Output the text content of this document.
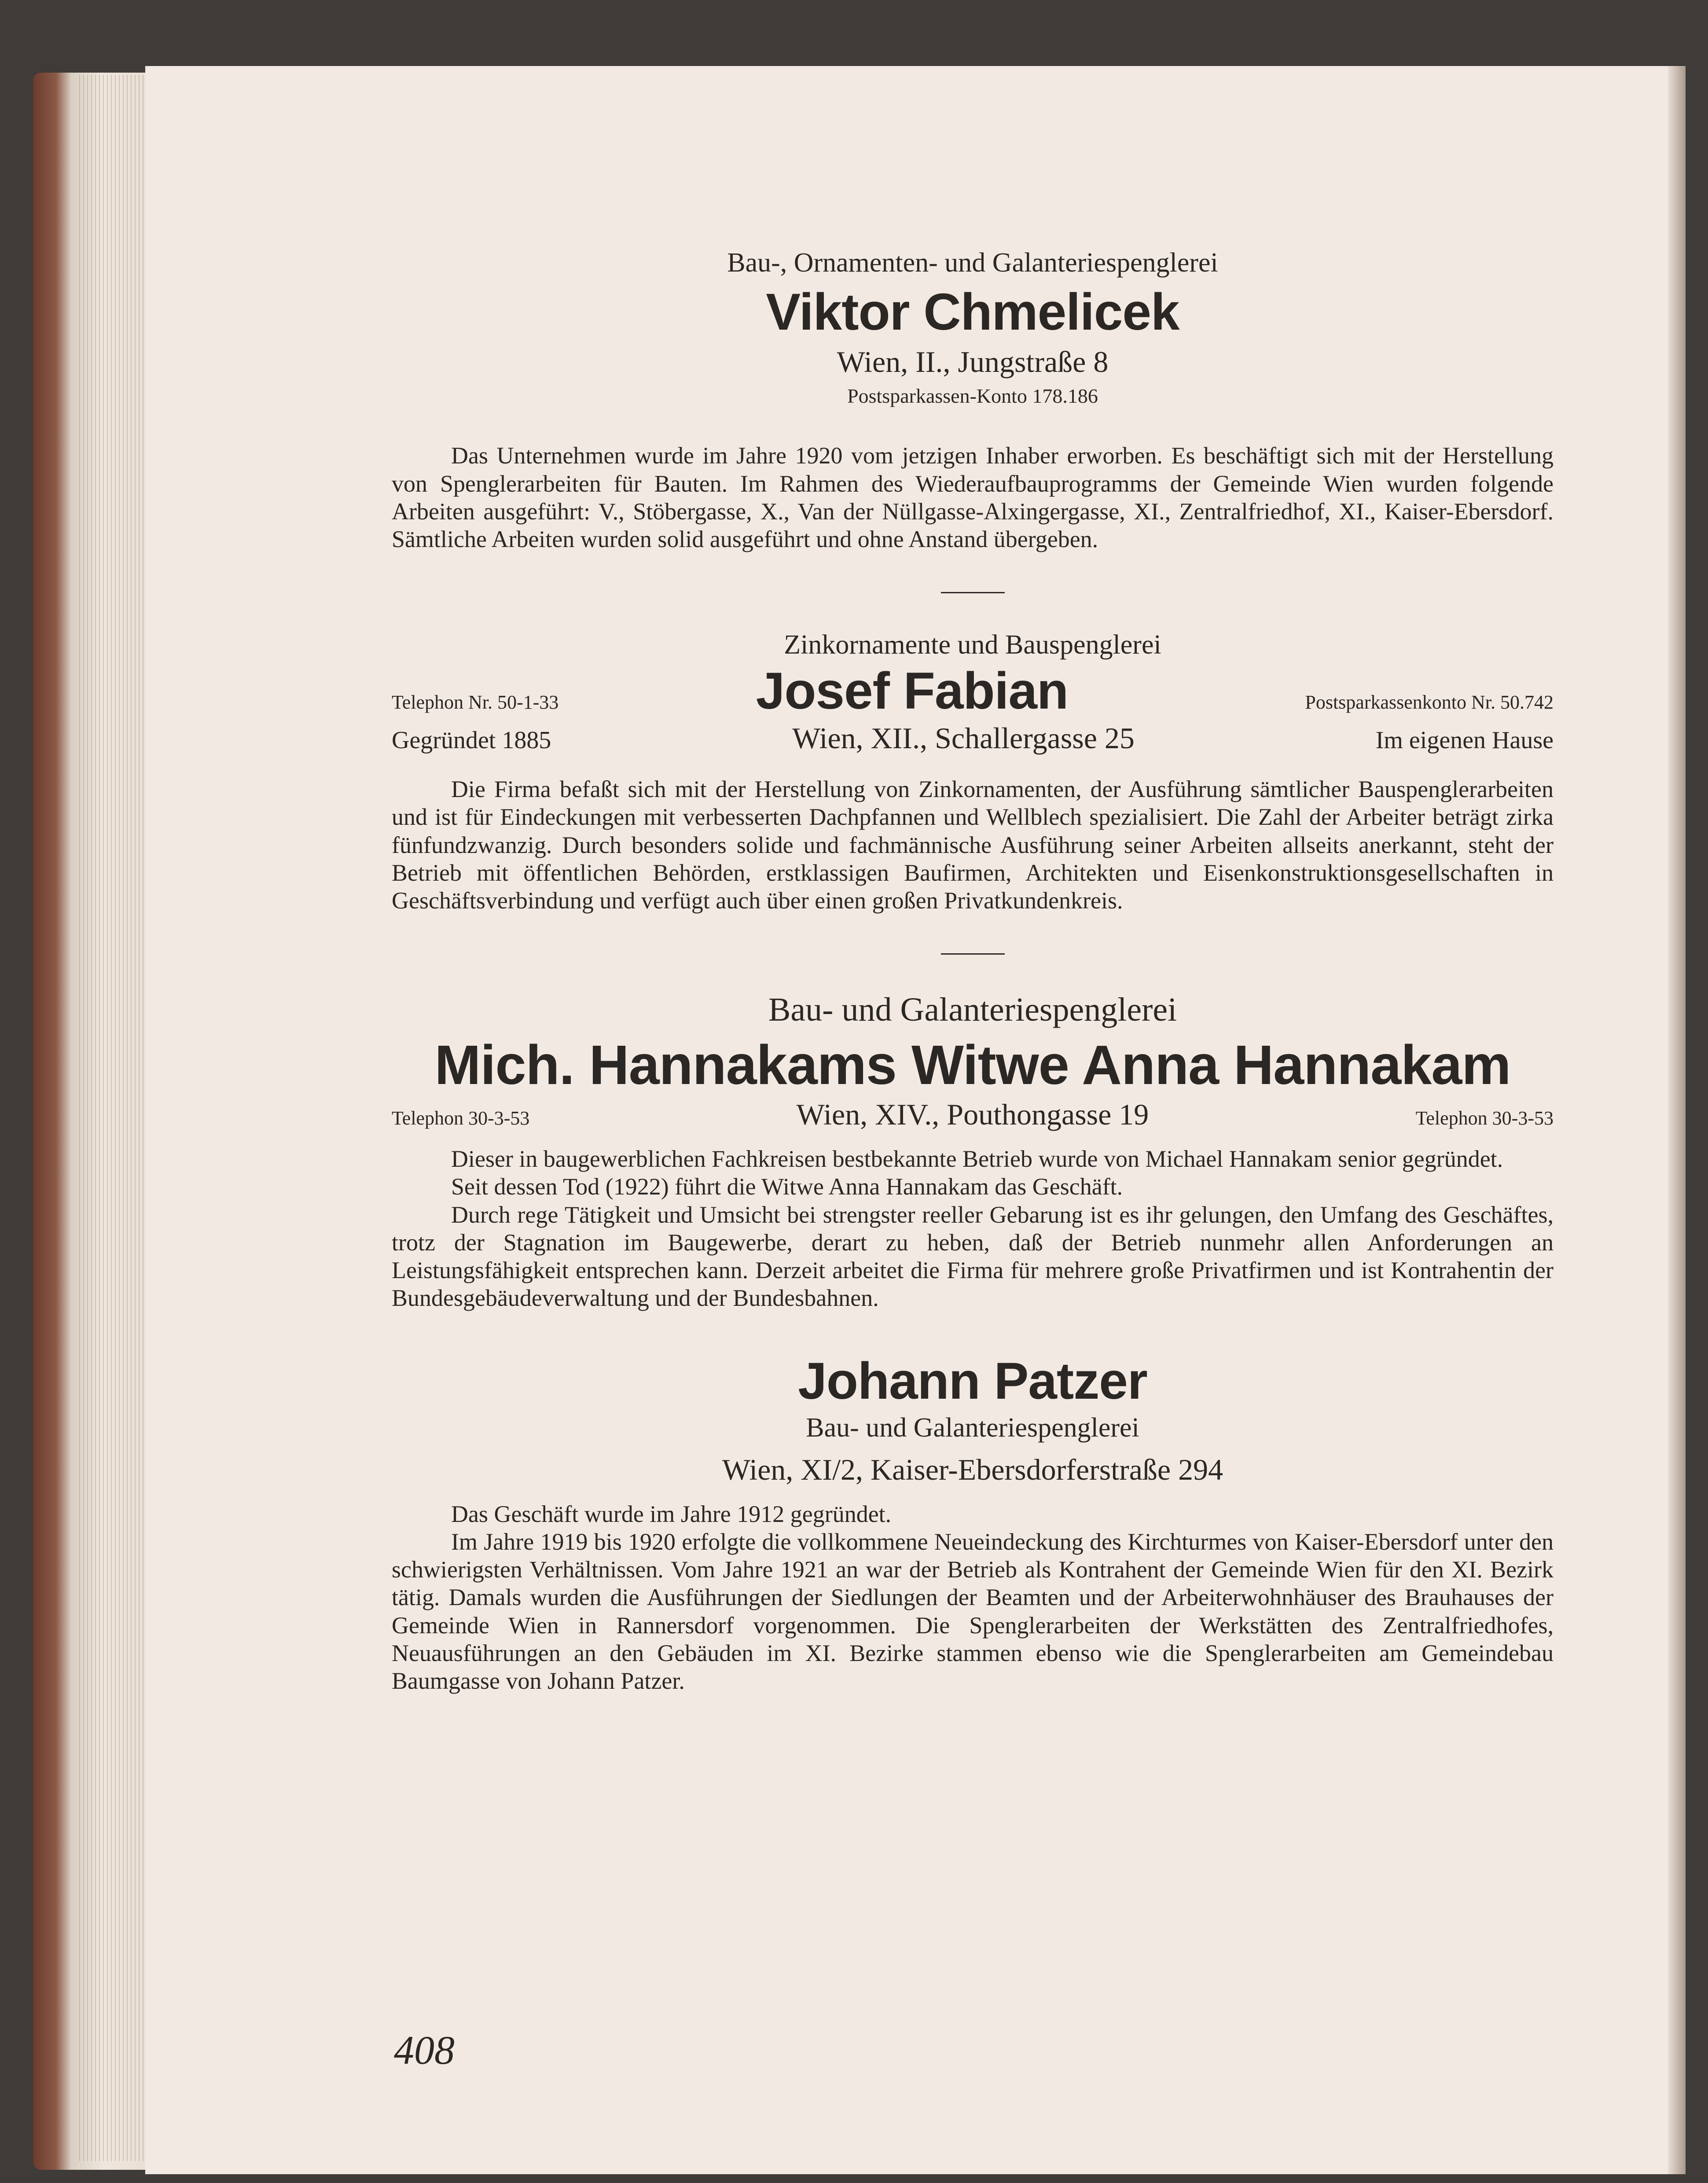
Bau-, Ornamenten- und Galanteriespenglerei

Viktor Chmelicek

Wien, II., Jungstraße 8

Postsparkassen-Konto 178.186

Das Unternehmen wurde im Jahre 1920 vom jetzigen Inhaber erworben. Es beschäftigt sich mit der Herstellung von Spenglerarbeiten für Bauten. Im Rahmen des Wiederaufbauprogramms der Gemeinde Wien wurden folgende Arbeiten ausgeführt: V., Stöbergasse, X., Van der Nüllgasse-Alxingergasse, XI., Zentralfriedhof, XI., Kaiser-Ebersdorf. Sämtliche Arbeiten wurden solid ausgeführt und ohne Anstand übergeben.

Zinkornamente und Bauspenglerei

Telephon Nr. 50-1-33	Josef Fabian	Postsparkassenkonto Nr. 50.742
Gegründet 1885	Wien, XII., Schallergasse 25	Im eigenen Hause

Die Firma befaßt sich mit der Herstellung von Zinkornamenten, der Ausführung sämtlicher Bauspenglerarbeiten und ist für Eindeckungen mit verbesserten Dachpfannen und Wellblech spezialisiert. Die Zahl der Arbeiter beträgt zirka fünfundzwanzig. Durch besonders solide und fachmännische Ausführung seiner Arbeiten allseits anerkannt, steht der Betrieb mit öffentlichen Behörden, erstklassigen Baufirmen, Architekten und Eisenkonstruktionsgesellschaften in Geschäftsverbindung und verfügt auch über einen großen Privatkundenkreis.

Bau- und Galanteriespenglerei

Mich. Hannakams Witwe Anna Hannakam
Telephon 30-3-53	Wien, XIV., Pouthongasse 19	Telephon 30-3-53

Dieser in baugewerblichen Fachkreisen bestbekannte Betrieb wurde von Michael Hannakam senior gegründet.

Seit dessen Tod (1922) führt die Witwe Anna Hannakam das Geschäft.

Durch rege Tätigkeit und Umsicht bei strengster reeller Gebarung ist es ihr gelungen, den Umfang des Geschäftes, trotz der Stagnation im Baugewerbe, derart zu heben, daß der Betrieb nunmehr allen Anforderungen an Leistungsfähigkeit entsprechen kann. Derzeit arbeitet die Firma für mehrere große Privatfirmen und ist Kontrahentin der Bundesgebäudeverwaltung und der Bundesbahnen.

Johann Patzer

Bau- und Galanteriespenglerei

Wien, XI/2, Kaiser-Ebersdorferstraße 294

Das Geschäft wurde im Jahre 1912 gegründet.

Im Jahre 1919 bis 1920 erfolgte die vollkommene Neueindeckung des Kirchturmes von Kaiser-Ebersdorf unter den schwierigsten Verhältnissen. Vom Jahre 1921 an war der Betrieb als Kontrahent der Gemeinde Wien für den XI. Bezirk tätig. Damals wurden die Ausführungen der Siedlungen der Beamten und der Arbeiterwohnhäuser des Brauhauses der Gemeinde Wien in Rannersdorf vorgenommen. Die Spenglerarbeiten der Werkstätten des Zentralfriedhofes, Neuausführungen an den Gebäuden im XI. Bezirke stammen ebenso wie die Spenglerarbeiten am Gemeindebau Baumgasse von Johann Patzer.

408
